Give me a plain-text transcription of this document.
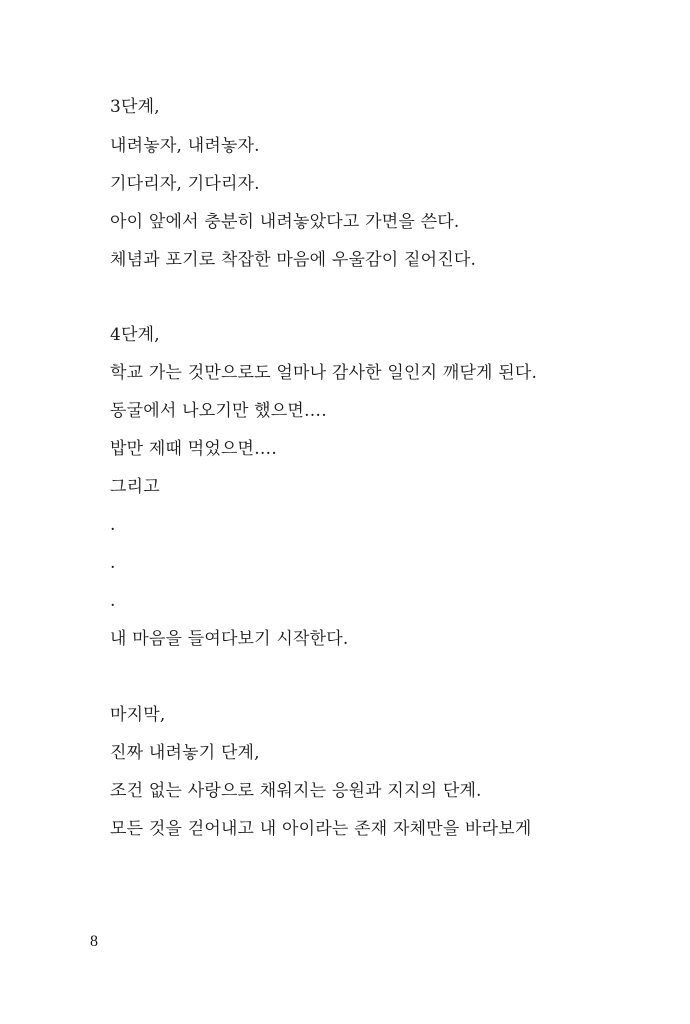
3단계,
내려놓자, 내려놓자.
기다리자, 기다리자.
아이 앞에서 충분히 내려놓았다고 가면을 쓴다.
체념과 포기로 착잡한 마음에 우울감이 짙어진다.
4단계,
학교 가는 것만으로도 얼마나 감사한 일인지 깨닫게 된다.
동굴에서 나오기만 했으면….
밥만 제때 먹었으면….
그리고
.
.
.
내 마음을 들여다보기 시작한다.
마지막,
진짜 내려놓기 단계,
조건 없는 사랑으로 채워지는 응원과 지지의 단계.
모든 것을 걷어내고 내 아이라는 존재 자체만을 바라보게
8
